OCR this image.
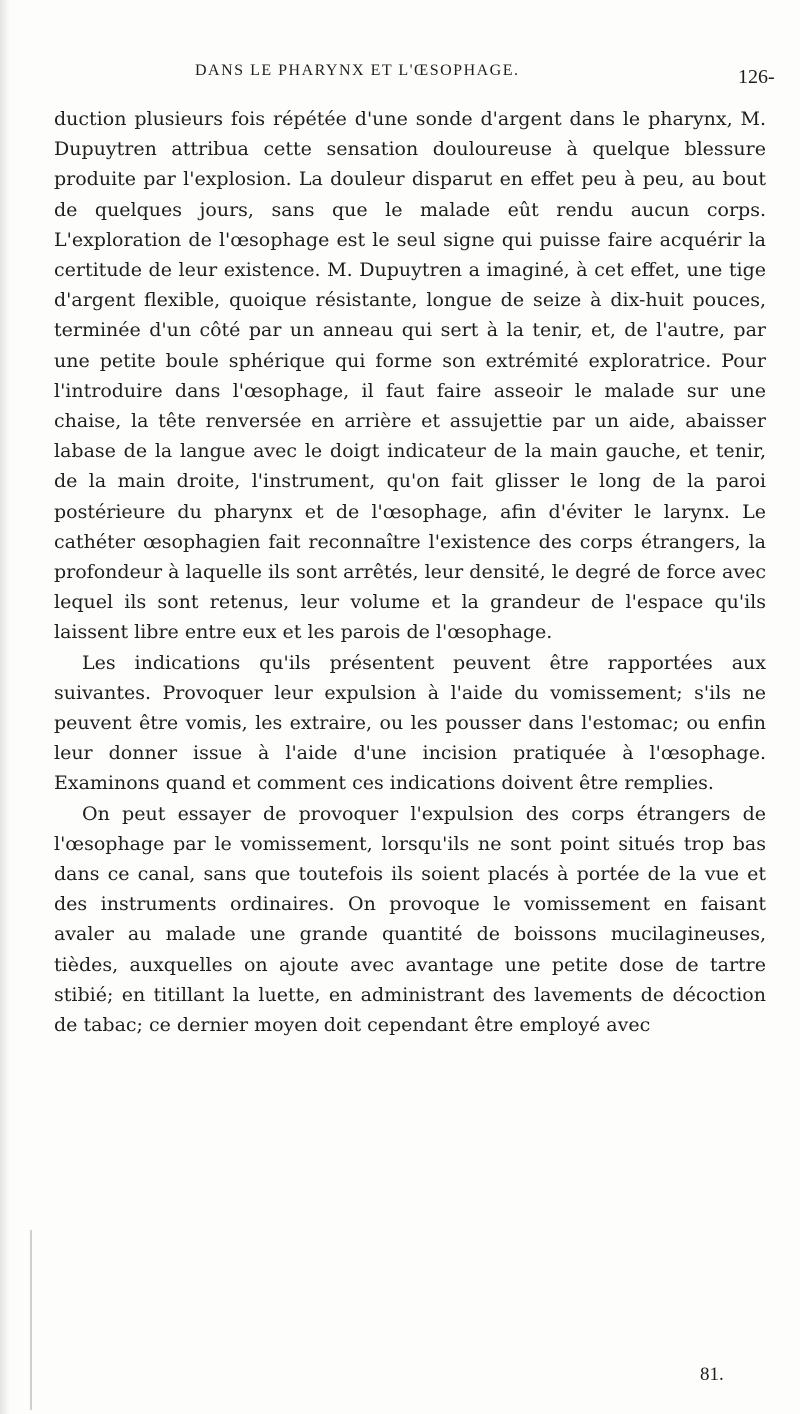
DANS LE PHARYNX ET L'ŒSOPHAGE.	126-

duction plusieurs fois répétée d'une sonde d'argent dans le pharynx, M. Dupuytren attribua cette sensation douloureuse à quelque blessure produite par l'explosion. La douleur disparut en effet peu à peu, au bout de quelques jours, sans que le malade eût rendu aucun corps. L'exploration de l'œsophage est le seul signe qui puisse faire acquérir la certitude de leur existence. M. Dupuytren a imaginé, à cet effet, une tige d'argent flexible, quoique résistante, longue de seize à dix-huit pouces, terminée d'un côté par un anneau qui sert à la tenir, et, de l'autre, par une petite boule sphérique qui forme son extrémité exploratrice. Pour l'introduire dans l'œsophage, il faut faire asseoir le malade sur une chaise, la tête renversée en arrière et assujettie par un aide, abaisser labase de la langue avec le doigt indicateur de la main gauche, et tenir, de la main droite, l'instrument, qu'on fait glisser le long de la paroi postérieure du pharynx et de l'œsophage, afin d'éviter le larynx. Le cathéter œsophagien fait reconnaître l'existence des corps étrangers, la profondeur à laquelle ils sont arrêtés, leur densité, le degré de force avec lequel ils sont retenus, leur volume et la grandeur de l'espace qu'ils laissent libre entre eux et les parois de l'œsophage.

Les indications qu'ils présentent peuvent être rapportées aux suivantes. Provoquer leur expulsion à l'aide du vomissement; s'ils ne peuvent être vomis, les extraire, ou les pousser dans l'estomac; ou enfin leur donner issue à l'aide d'une incision pratiquée à l'œsophage. Examinons quand et comment ces indications doivent être remplies.

On peut essayer de provoquer l'expulsion des corps étrangers de l'œsophage par le vomissement, lorsqu'ils ne sont point situés trop bas dans ce canal, sans que toutefois ils soient placés à portée de la vue et des instruments ordinaires. On provoque le vomissement en faisant avaler au malade une grande quantité de boissons mucilagineuses, tièdes, auxquelles on ajoute avec avantage une petite dose de tartre stibié; en titillant la luette, en administrant des lavements de décoction de tabac; ce dernier moyen doit cependant être employé avec

81.
